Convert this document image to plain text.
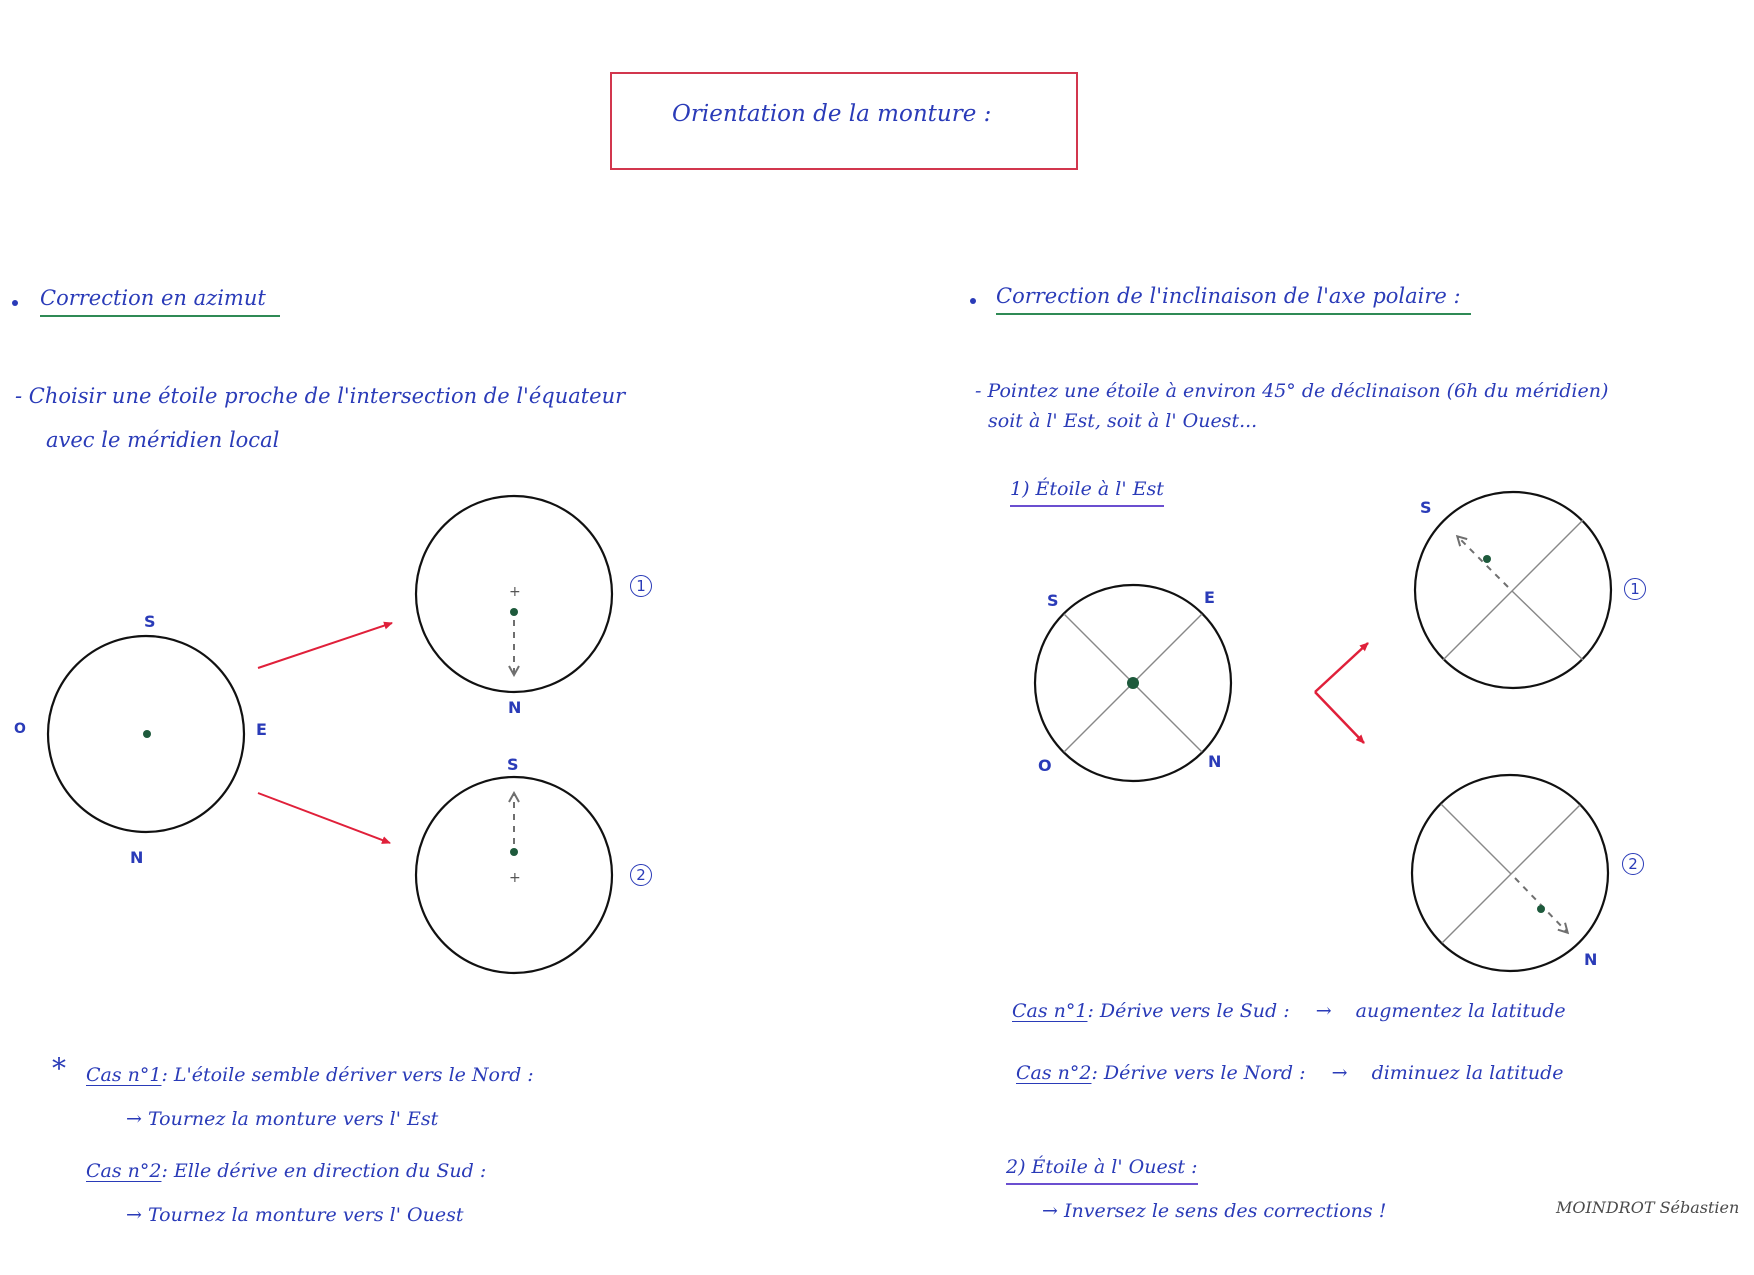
Orientation de la monture :
Correction en azimut
- Choisir une étoile proche de l'intersection de l'équateur
avec le méridien local
S
O	E
N
N
1
S
2
* Cas n°1: L'étoile semble dériver vers le Nord :
→ Tournez la monture vers l' Est
Cas n°2: Elle dérive en direction du Sud :
→ Tournez la monture vers l' Ouest
Correction de l'inclinaison de l'axe polaire :
- Pointez une étoile à environ 45° de déclinaison (6h du méridien)
soit à l' Est, soit à l' Ouest...
1) Étoile à l' Est
S	E
O	N
S
1
N
2
Cas n°1: Dérive vers le Sud : → augmentez la latitude
Cas n°2: Dérive vers le Nord : → diminuez la latitude
2) Étoile à l' Ouest :
→ Inversez le sens des corrections !	MOINDROT Sébastien
+
+
